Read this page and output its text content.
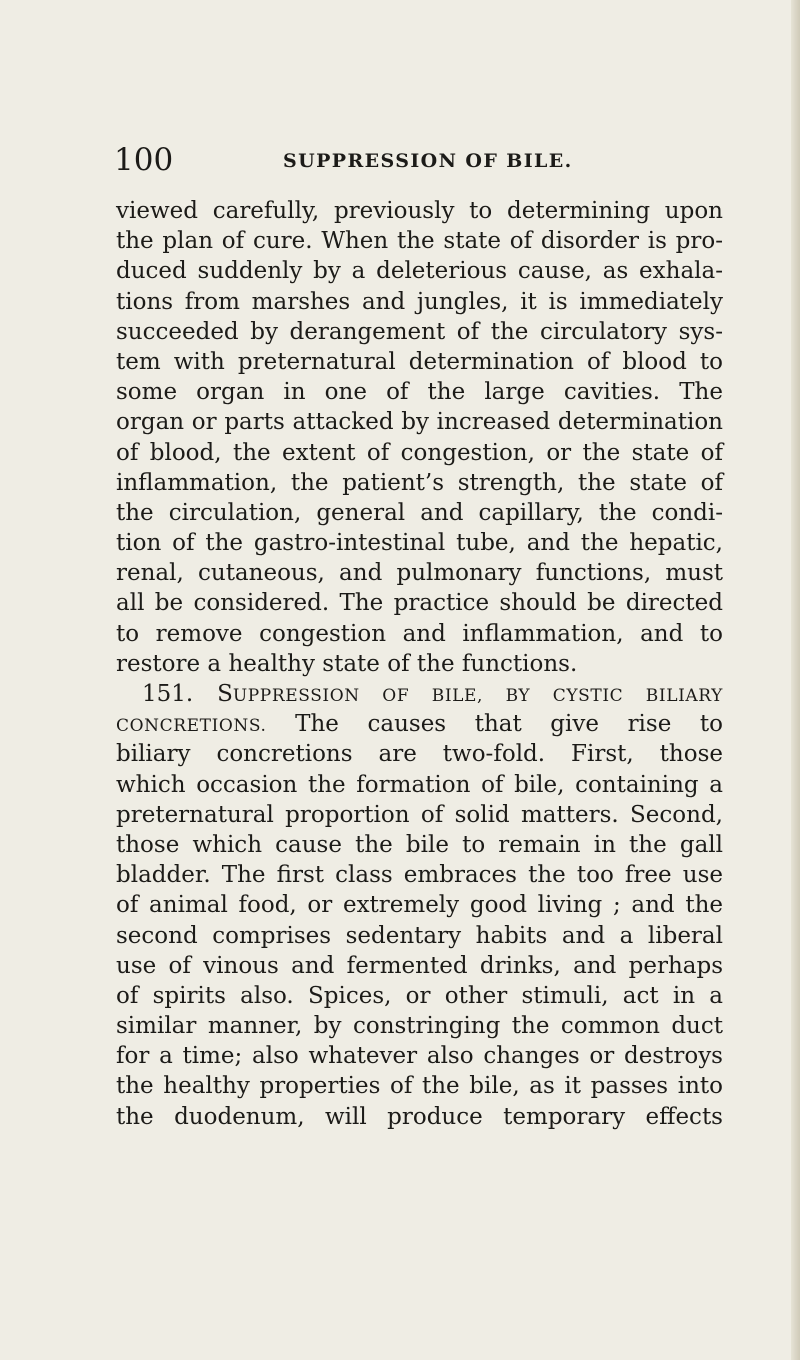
100	SUPPRESSION OF BILE.
viewed carefully, previously to determining upon
the plan of cure. When the state of disorder is pro-
duced suddenly by a deleterious cause, as exhala-
tions from marshes and jungles, it is immediately
succeeded by derangement of the circulatory sys-
tem with preternatural determination of blood to
some organ in one of the large cavities. The
organ or parts attacked by increased determination
of blood, the extent of congestion, or the state of
inflammation, the patient’s strength, the state of
the circulation, general and capillary, the condi-
tion of the gastro-intestinal tube, and the hepatic,
renal, cutaneous, and pulmonary functions, must
all be considered. The practice should be directed
to remove congestion and inflammation, and to
restore a healthy state of the functions.
151. SUPPRESSION OF BILE, BY CYSTIC BILIARY
CONCRETIONS. The causes that give rise to
biliary concretions are two-fold. First, those
which occasion the formation of bile, containing a
preternatural proportion of solid matters. Second,
those which cause the bile to remain in the gall
bladder. The first class embraces the too free use
of animal food, or extremely good living ; and the
second comprises sedentary habits and a liberal
use of vinous and fermented drinks, and perhaps
of spirits also. Spices, or other stimuli, act in a
similar manner, by constringing the common duct
for a time; also whatever also changes or destroys
the healthy properties of the bile, as it passes into
the duodenum, will produce temporary effects
